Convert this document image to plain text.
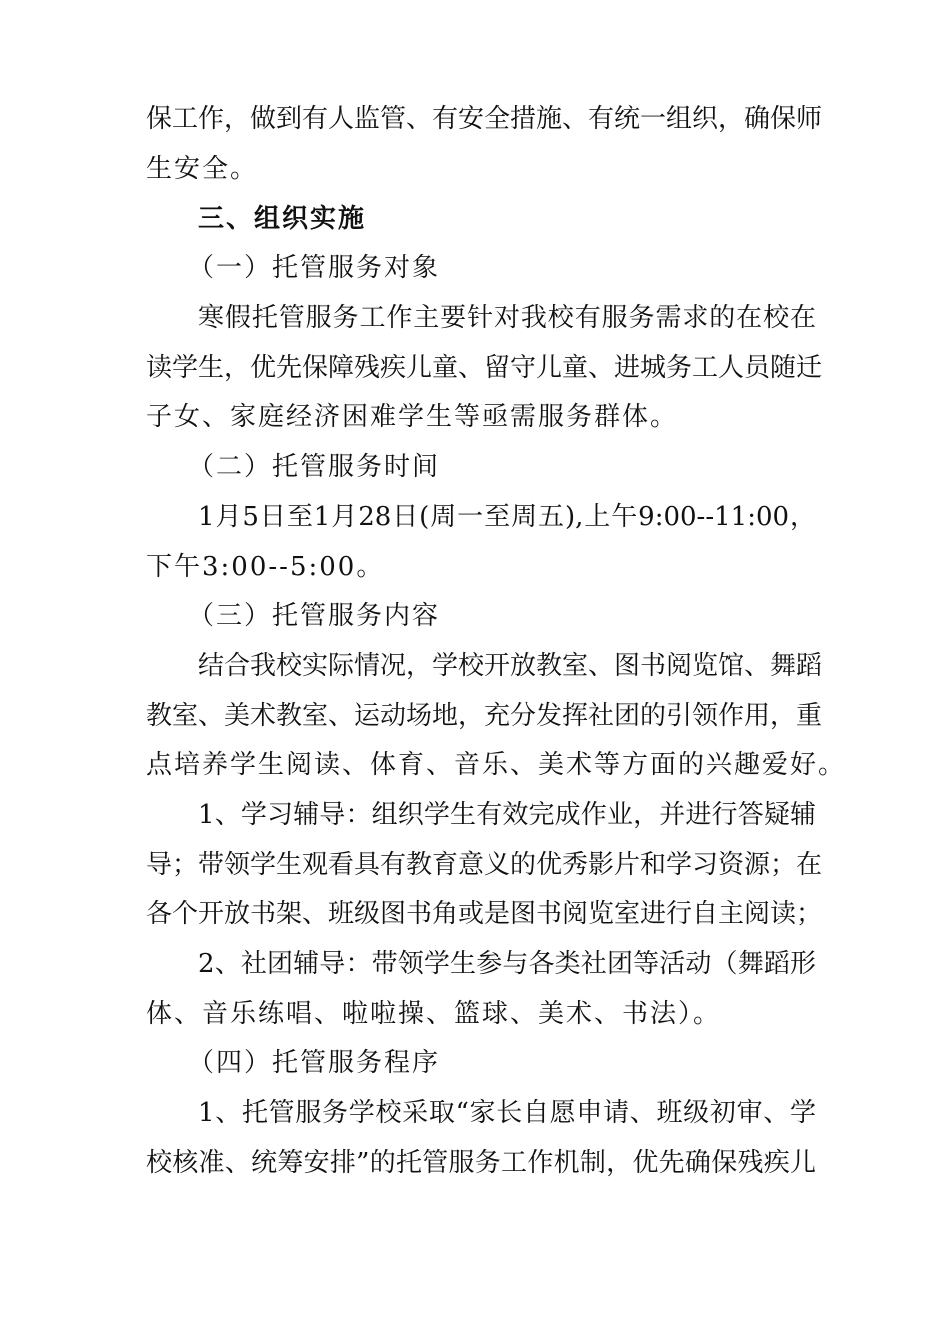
保工作，做到有人监管、有安全措施、有统一组织，确保师
生安全。
三、组织实施
（一）托管服务对象
寒假托管服务工作主要针对我校有服务需求的在校在
读学生，优先保障残疾儿童、留守儿童、进城务工人员随迁
子女、家庭经济困难学生等亟需服务群体。
（二）托管服务时间
1月5日至1月28日(周一至周五),上午9:00--11:00，
下午3:00--5:00。
（三）托管服务内容
结合我校实际情况，学校开放教室、图书阅览馆、舞蹈
教室、美术教室、运动场地，充分发挥社团的引领作用，重
点培养学生阅读、体育、音乐、美术等方面的兴趣爱好。
1、学习辅导：组织学生有效完成作业，并进行答疑辅
导；带领学生观看具有教育意义的优秀影片和学习资源；在
各个开放书架、班级图书角或是图书阅览室进行自主阅读；
2、社团辅导：带领学生参与各类社团等活动（舞蹈形
体、音乐练唱、啦啦操、篮球、美术、书法）。
（四）托管服务程序
1、托管服务学校采取“家长自愿申请、班级初审、学
校核准、统筹安排”的托管服务工作机制，优先确保残疾儿
